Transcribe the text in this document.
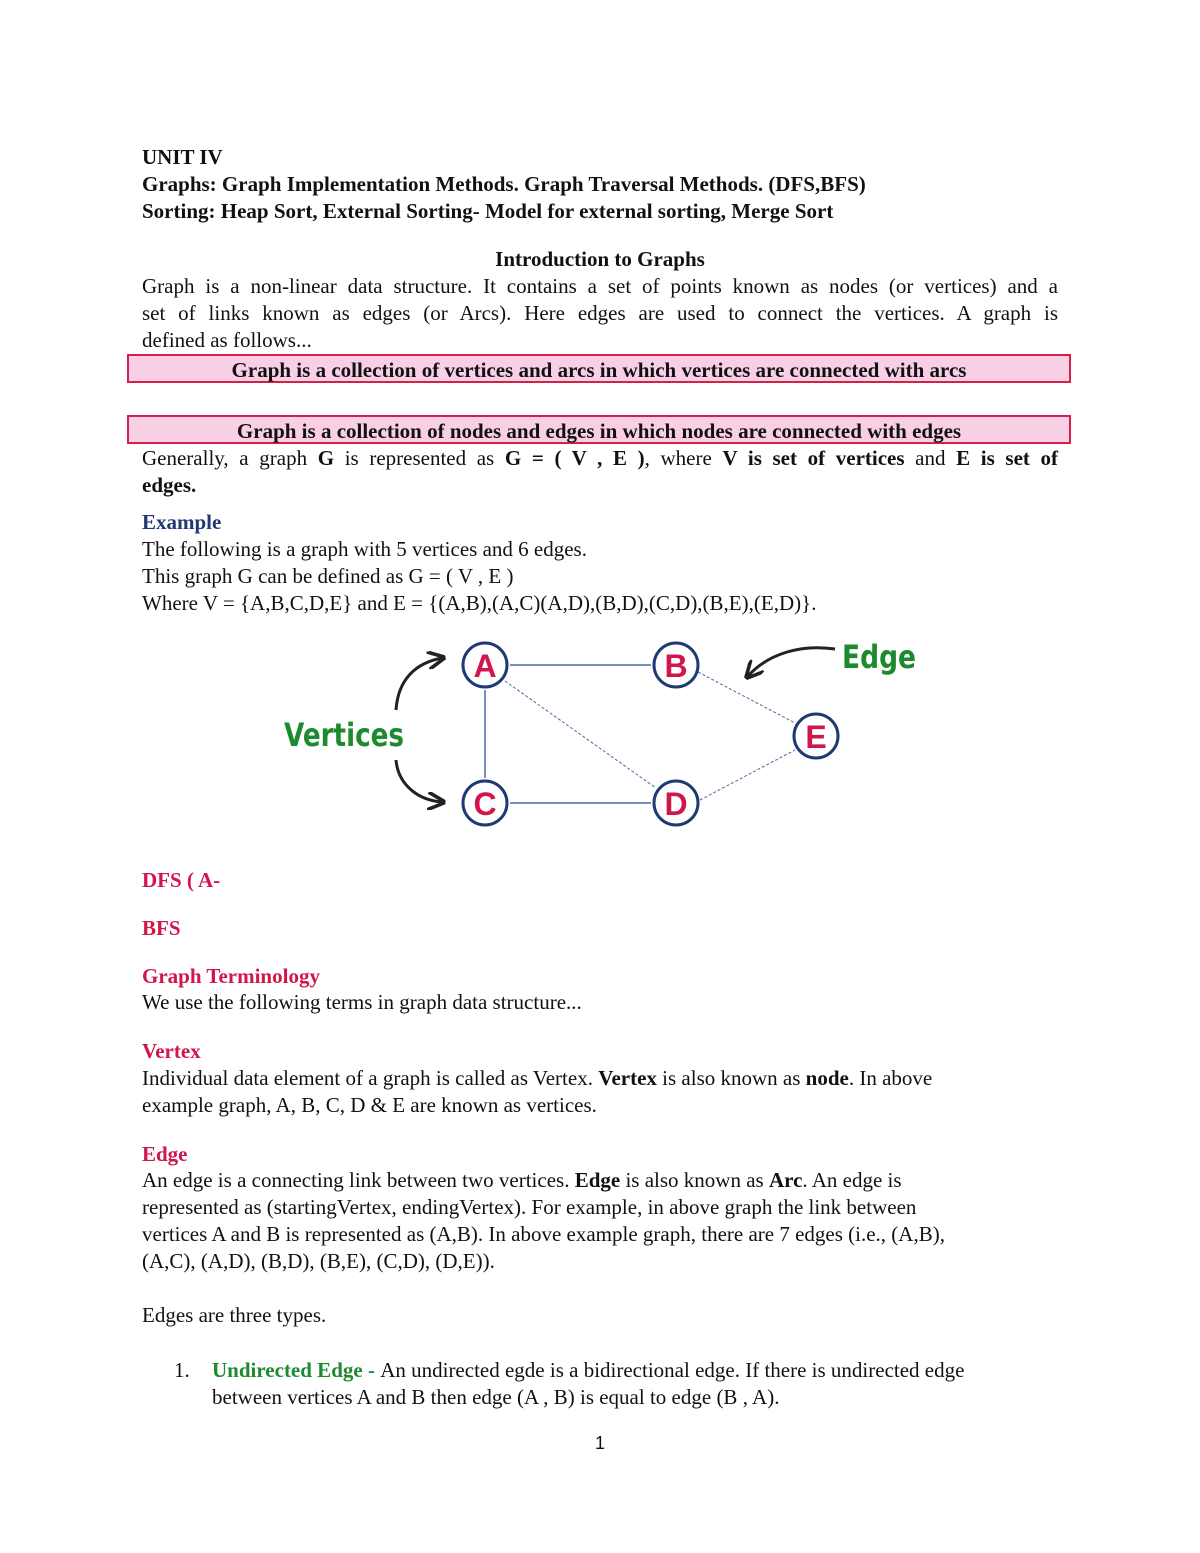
UNIT IV
Graphs: Graph Implementation Methods. Graph Traversal Methods. (DFS,BFS)
Sorting: Heap Sort, External Sorting- Model for external sorting, Merge Sort
Introduction to Graphs
Graph is a non-linear data structure. It contains a set of points known as nodes (or vertices) and a
set of links known as edges (or Arcs). Here edges are used to connect the vertices. A graph is
defined as follows...
Graph is a collection of vertices and arcs in which vertices are connected with arcs
Graph is a collection of nodes and edges in which nodes are connected with edges
Generally, a graph G is represented as G = ( V , E ), where V is set of vertices and E is set of
edges.
Example
The following is a graph with 5 vertices and 6 edges.
This graph G can be defined as G = ( V , E )
Where V = {A,B,C,D,E} and E = {(A,B),(A,C)(A,D),(B,D),(C,D),(B,E),(E,D)}.
A	B
C	D
E
Vertices
Edge
DFS ( A-
BFS
Graph Terminology
We use the following terms in graph data structure...
Vertex
Individual data element of a graph is called as Vertex. Vertex is also known as node. In above
example graph, A, B, C, D & E are known as vertices.
Edge
An edge is a connecting link between two vertices. Edge is also known as Arc. An edge is
represented as (startingVertex, endingVertex). For example, in above graph the link between
vertices A and B is represented as (A,B). In above example graph, there are 7 edges (i.e., (A,B),
(A,C), (A,D), (B,D), (B,E), (C,D), (D,E)).
Edges are three types.
1. Undirected Edge - An undirected egde is a bidirectional edge. If there is undirected edge
between vertices A and B then edge (A , B) is equal to edge (B , A).
1
